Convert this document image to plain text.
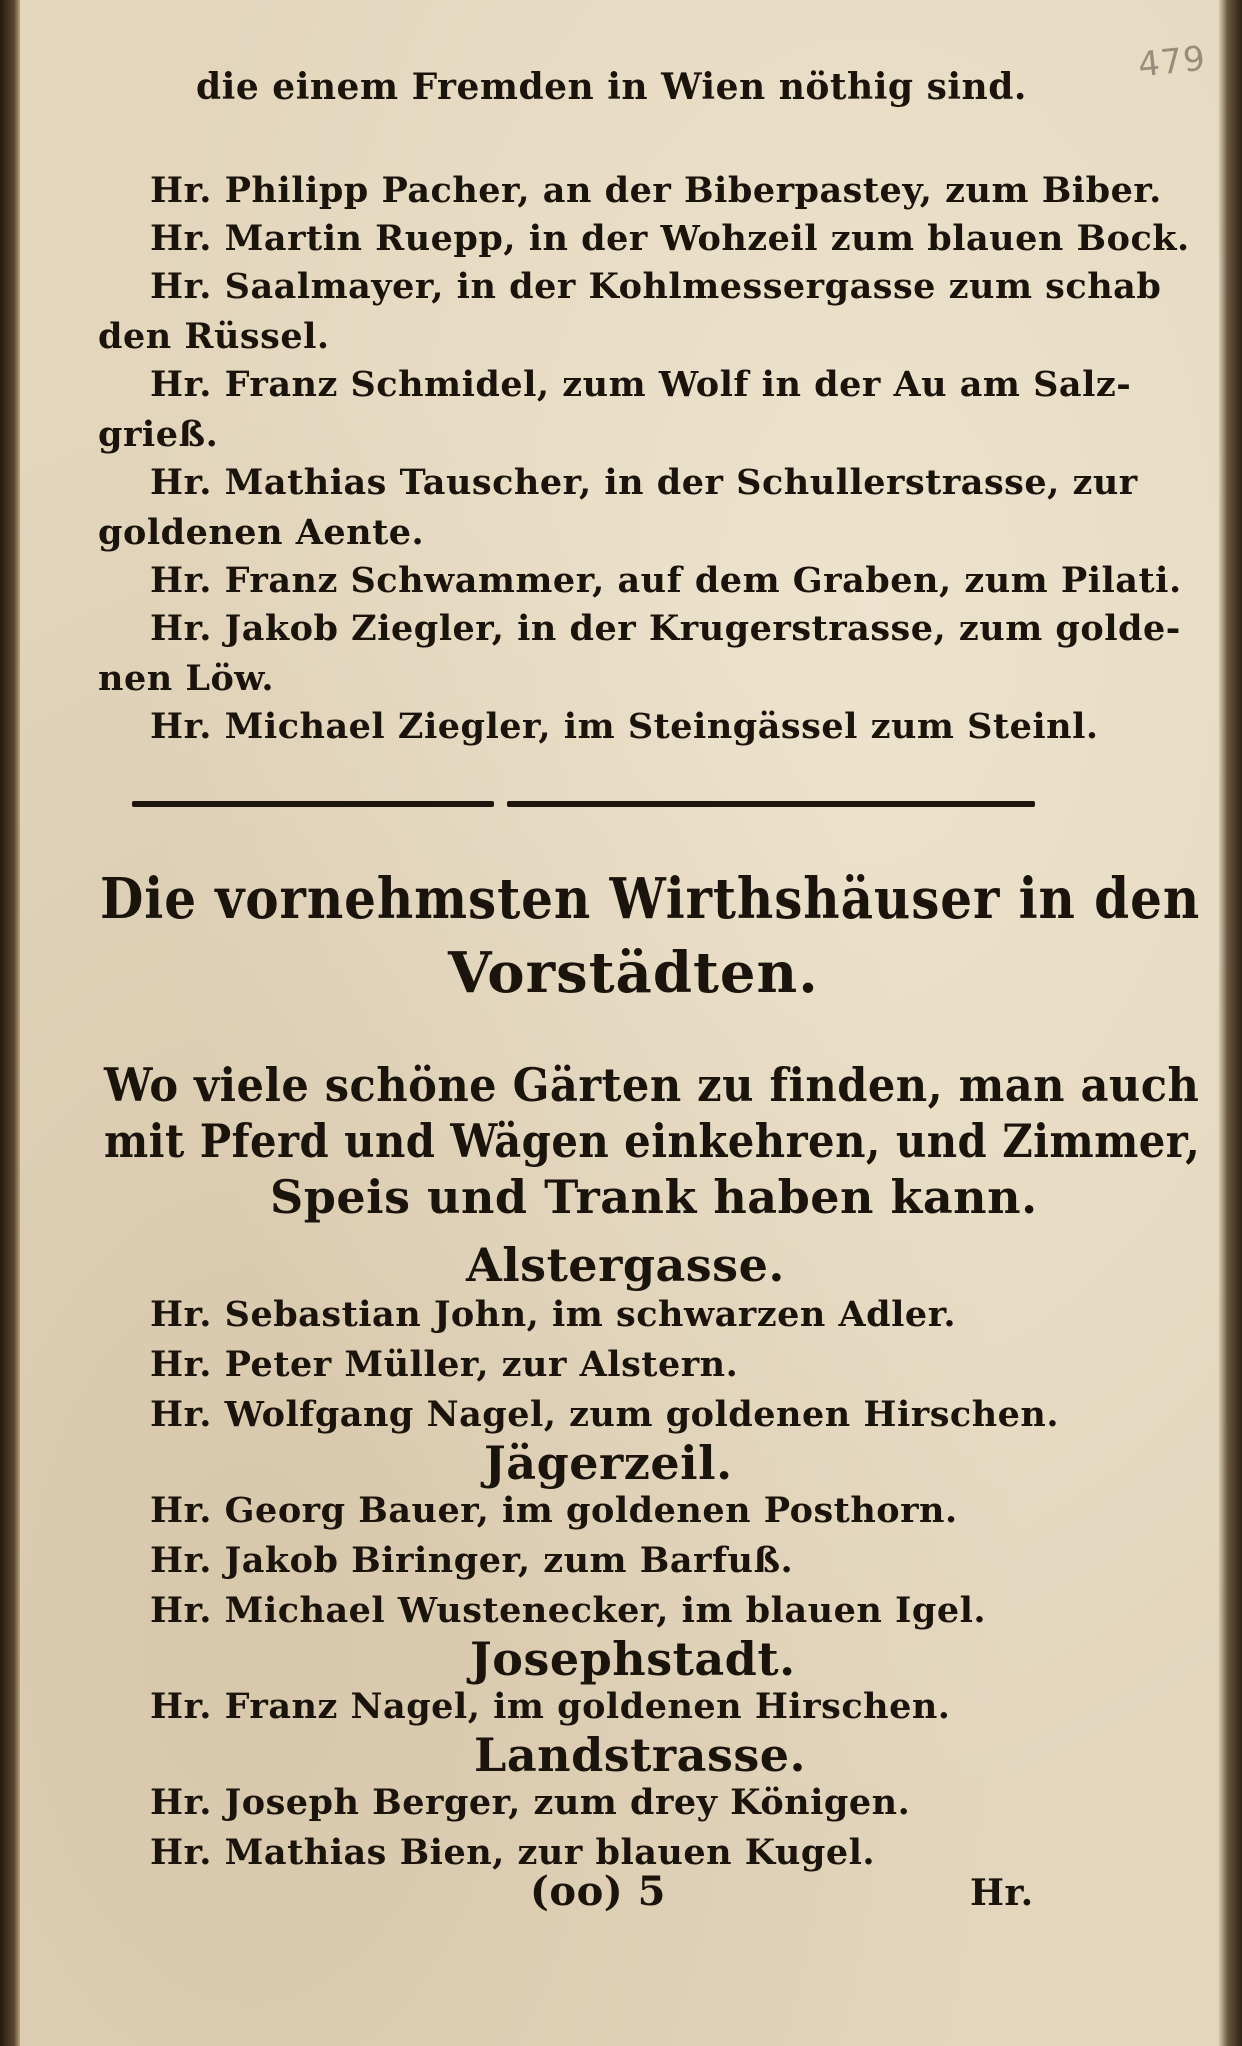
479
die einem Fremden in Wien nöthig sind.
Hr. Philipp Pacher, an der Biberpastey, zum Biber.
Hr. Martin Ruepp, in der Wohzeil zum blauen Bock.
Hr. Saalmayer, in der Kohlmessergasse zum schab
den Rüssel.
Hr. Franz Schmidel, zum Wolf in der Au am Salz-
grieß.
Hr. Mathias Tauscher, in der Schullerstrasse, zur
goldenen Aente.
Hr. Franz Schwammer, auf dem Graben, zum Pilati.
Hr. Jakob Ziegler, in der Krugerstrasse, zum golde-
nen Löw.
Hr. Michael Ziegler, im Steingässel zum Steinl.
Die vornehmsten Wirthshäuser in den
Vorstädten.
Wo viele schöne Gärten zu finden, man auch
mit Pferd und Wägen einkehren, und Zimmer,
Speis und Trank haben kann.
Alstergasse.
Hr. Sebastian John, im schwarzen Adler.
Hr. Peter Müller, zur Alstern.
Hr. Wolfgang Nagel, zum goldenen Hirschen.
Jägerzeil.
Hr. Georg Bauer, im goldenen Posthorn.
Hr. Jakob Biringer, zum Barfuß.
Hr. Michael Wustenecker, im blauen Igel.
Josephstadt.
Hr. Franz Nagel, im goldenen Hirschen.
Landstrasse.
Hr. Joseph Berger, zum drey Königen.
Hr. Mathias Bien, zur blauen Kugel.
(oo) 5	Hr.
